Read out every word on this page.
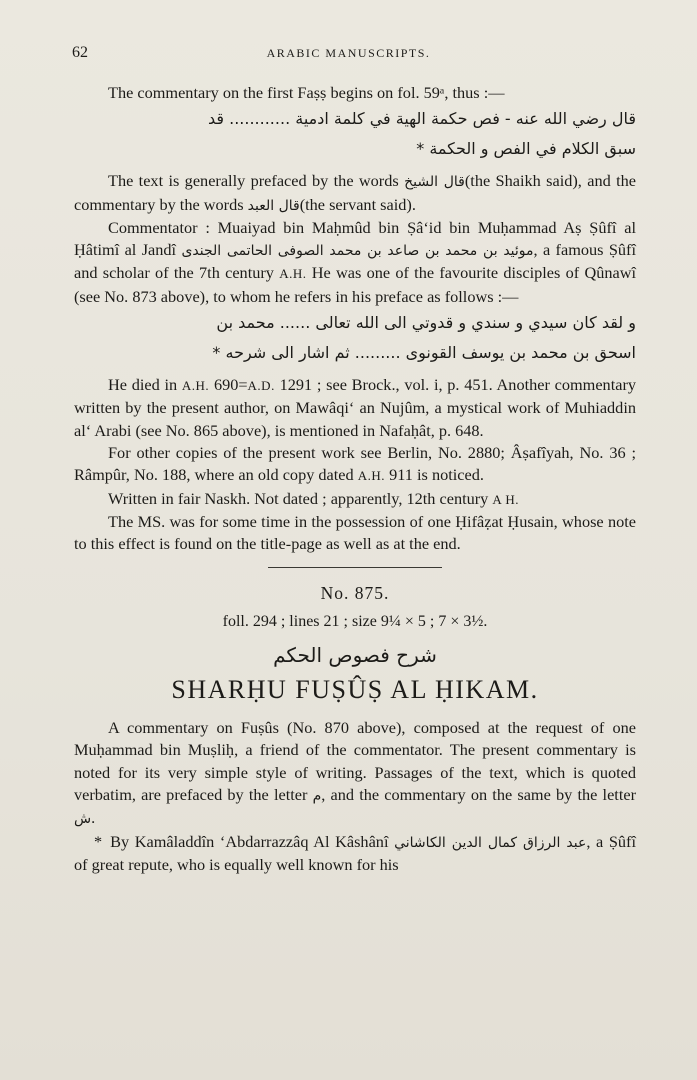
62	ARABIC MANUSCRIPTS.

The commentary on the first Faṣṣ begins on fol. 59ᵃ, thus :—

قال رضي الله عنه - فص حكمة الهية في كلمة ادمية ............ قد
سبق الكلام في الفص و الحكمة *

The text is generally prefaced by the words قال الشيخ(the Shaikh said), and the commentary by the words قال العبد(the servant said).

Commentator : Muaiyad bin Maḥmûd bin Ṣâ‘id bin Muḥammad Aṣ Ṣûfî al Ḥâtimî al Jandî موئيد بن محمد بن صاعد بن محمد الصوفى الحاتمى الجندى, a famous Ṣûfî and scholar of the 7th century A.H. He was one of the favourite disciples of Qûnawî (see No. 873 above), to whom he refers in his preface as follows :—

و لقد كان سيدي و سندي و قدوتي الى الله تعالى ...... محمد بن
اسحق بن محمد بن يوسف القونوى ......... ثم اشار الى شرحه *

He died in A.H. 690=A.D. 1291 ; see Brock., vol. i, p. 451. Another commentary written by the present author, on Mawâqi‘ an Nujûm, a mystical work of Muhiaddin al‘ Arabi (see No. 865 above), is mentioned in Nafaḥât, p. 648.

For other copies of the present work see Berlin, No. 2880; Âṣafîyah, No. 36 ; Râmpûr, No. 188, where an old copy dated A.H. 911 is noticed.

Written in fair Naskh. Not dated ; apparently, 12th century A H.

The MS. was for some time in the possession of one Ḥifâẓat Ḥusain, whose note to this effect is found on the title-page as well as at the end.

No. 875.
foll. 294 ; lines 21 ; size 9¼ × 5 ; 7 × 3½.
شرح فصوص الحكم
SHARḤU FUṢÛṢ AL ḤIKAM.

A commentary on Fuṣûs (No. 870 above), composed at the request of one Muḥammad bin Muṣliḥ, a friend of the commentator. The present commentary is noted for its very simple style of writing. Passages of the text, which is quoted verbatim, are prefaced by the letter م, and the commentary on the same by the letter ش.

* By Kamâladdîn ‘Abdarrazzâq Al Kâshânî عبد الرزاق كمال الدين الكاشاني, a Ṣûfî of great repute, who is equally well known for his
